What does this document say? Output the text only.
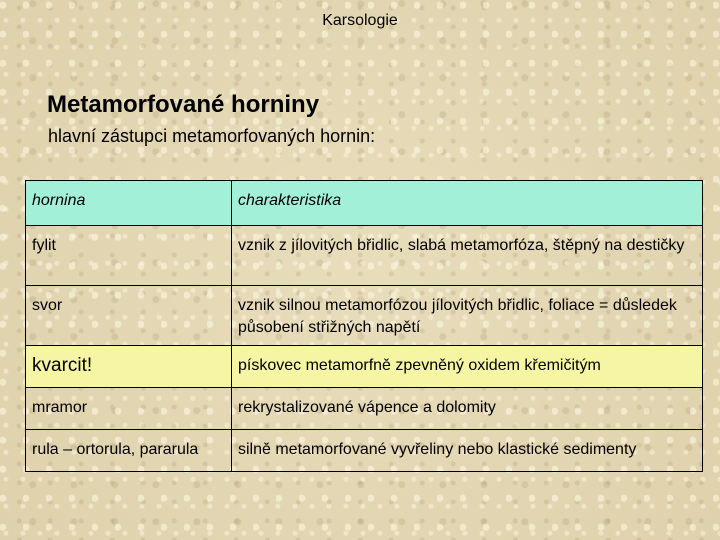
Karsologie
Metamorfované horniny

hlavní zástupci metamorfovaných hornin:

hornina	charakteristika
fylit	vznik z jílovitých břidlic, slabá metamorfóza, štěpný na destičky
svor	vznik silnou metamorfózou jílovitých břidlic, foliace = důsledek působení střižných napětí
kvarcit!	pískovec metamorfně zpevněný oxidem křemičitým
mramor	rekrystalizované vápence a dolomity
rula – ortorula, pararula	silně metamorfované vyvřeliny nebo klastické sedimenty
